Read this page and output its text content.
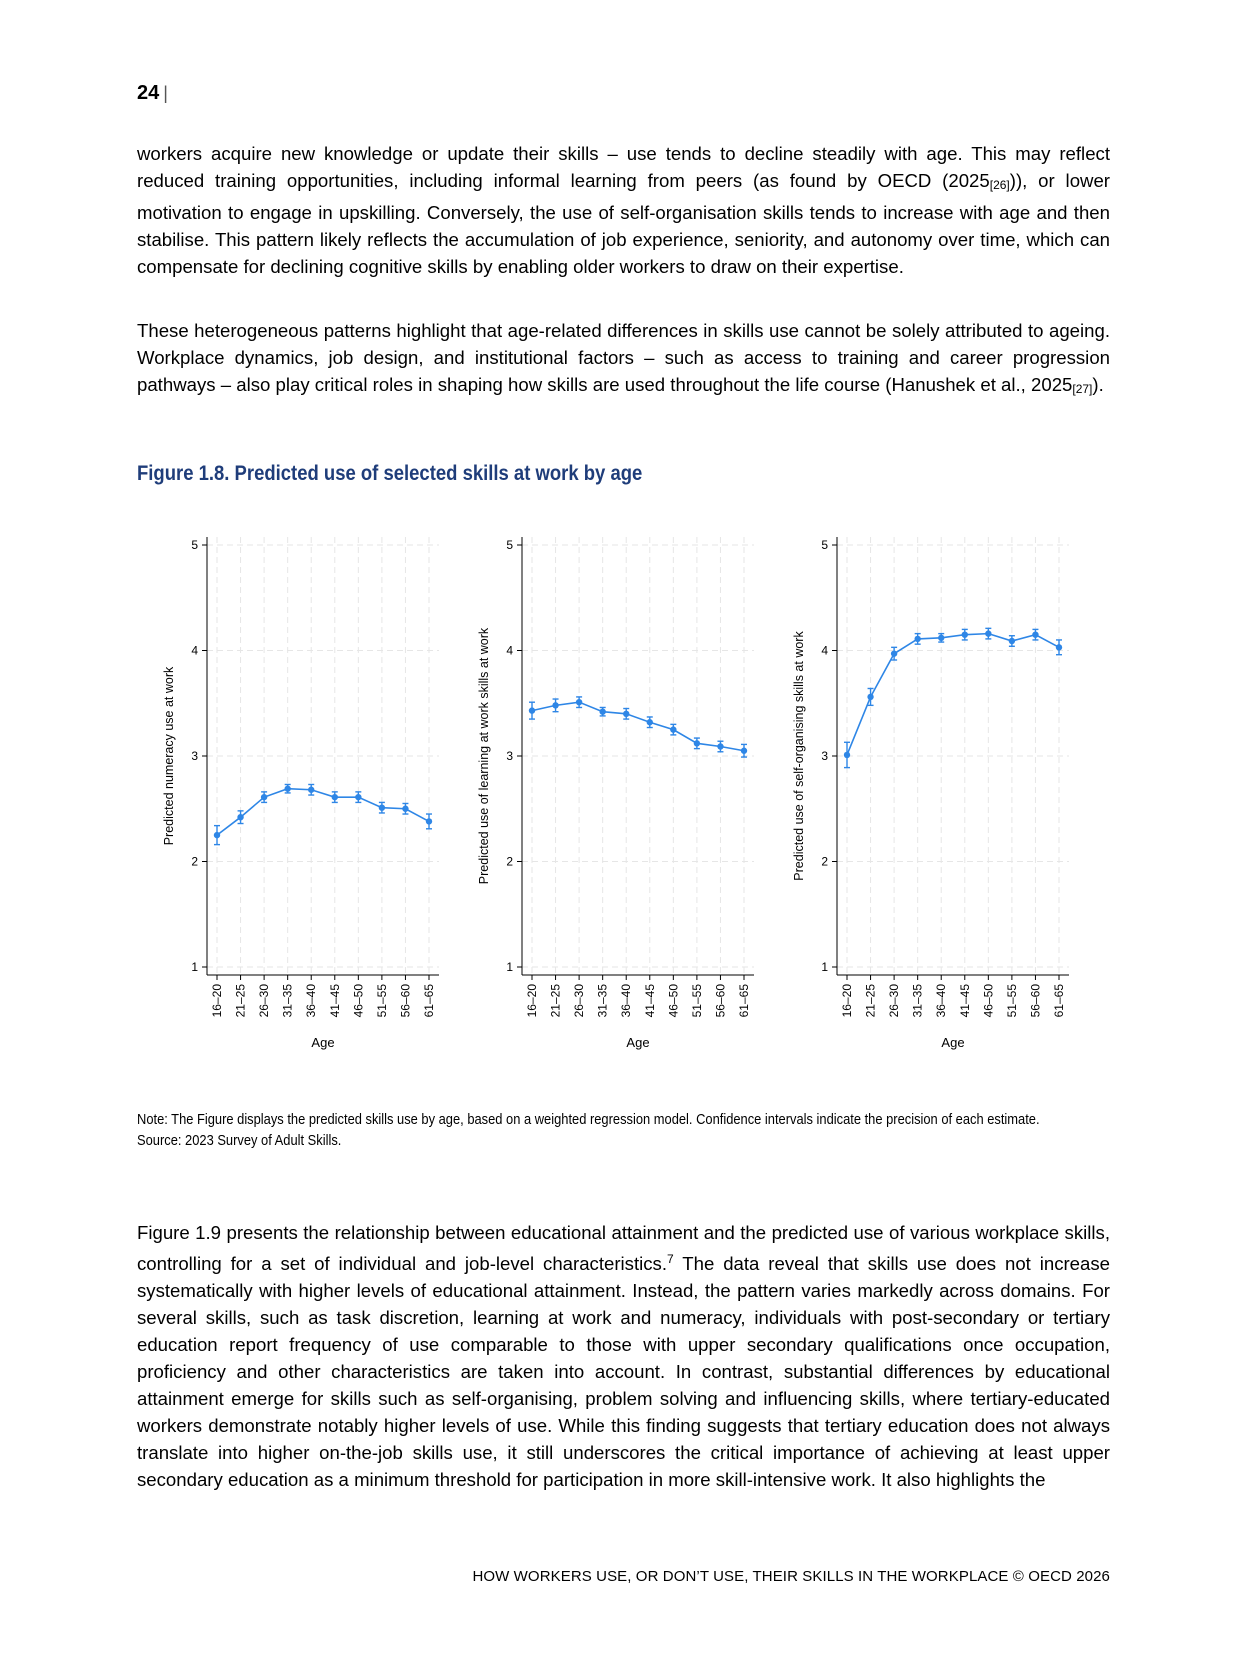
24 |

workers acquire new knowledge or update their skills – use tends to decline steadily with age. This may reflect reduced training opportunities, including informal learning from peers (as found by OECD $(2025_{[26]})$), or lower motivation to engage in upskilling. Conversely, the use of self-organisation skills tends to increase with age and then stabilise. This pattern likely reflects the accumulation of job experience, seniority, and autonomy over time, which can compensate for declining cognitive skills by enabling older workers to draw on their expertise.

These heterogeneous patterns highlight that age-related differences in skills use cannot be solely attributed to ageing. Workplace dynamics, job design, and institutional factors – such as access to training and career progression pathways – also play critical roles in shaping how skills are used throughout the life course (Hanushek et al., $2025_{[27]}$).

Figure 1.8. Predicted use of selected skills at work by age
1
2
3
4
5
Predicted numeracy use at work
16–20 21–25 26–30 31–35 36–40 41–45 46–50 51–55 56–60 61–65
Age
1
2
3
4
5
Predicted use of learning at work skills at work
16–20 21–25 26–30 31–35 36–40 41–45 46–50 51–55 56–60 61–65
Age
1
2
3
4
5
Predicted use of self-organising skills at work
16–20 21–25 26–30 31–35 36–40 41–45 46–50 51–55 56–60 61–65
Age
Note: The Figure displays the predicted skills use by age, based on a weighted regression model. Confidence intervals indicate the precision of each estimate.
Source: 2023 Survey of Adult Skills.

Figure 1.9 presents the relationship between educational attainment and the predicted use of various workplace skills, controlling for a set of individual and job-level characteristics.$^7$ The data reveal that skills use does not increase systematically with higher levels of educational attainment. Instead, the pattern varies markedly across domains. For several skills, such as task discretion, learning at work and numeracy, individuals with post-secondary or tertiary education report frequency of use comparable to those with upper secondary qualifications once occupation, proficiency and other characteristics are taken into account. In contrast, substantial differences by educational attainment emerge for skills such as self-organising, problem solving and influencing skills, where tertiary-educated workers demonstrate notably higher levels of use. While this finding suggests that tertiary education does not always translate into higher on-the-job skills use, it still underscores the critical importance of achieving at least upper secondary education as a minimum threshold for participation in more skill-intensive work. It also highlights the

HOW WORKERS USE, OR DON’T USE, THEIR SKILLS IN THE WORKPLACE © OECD 2026
